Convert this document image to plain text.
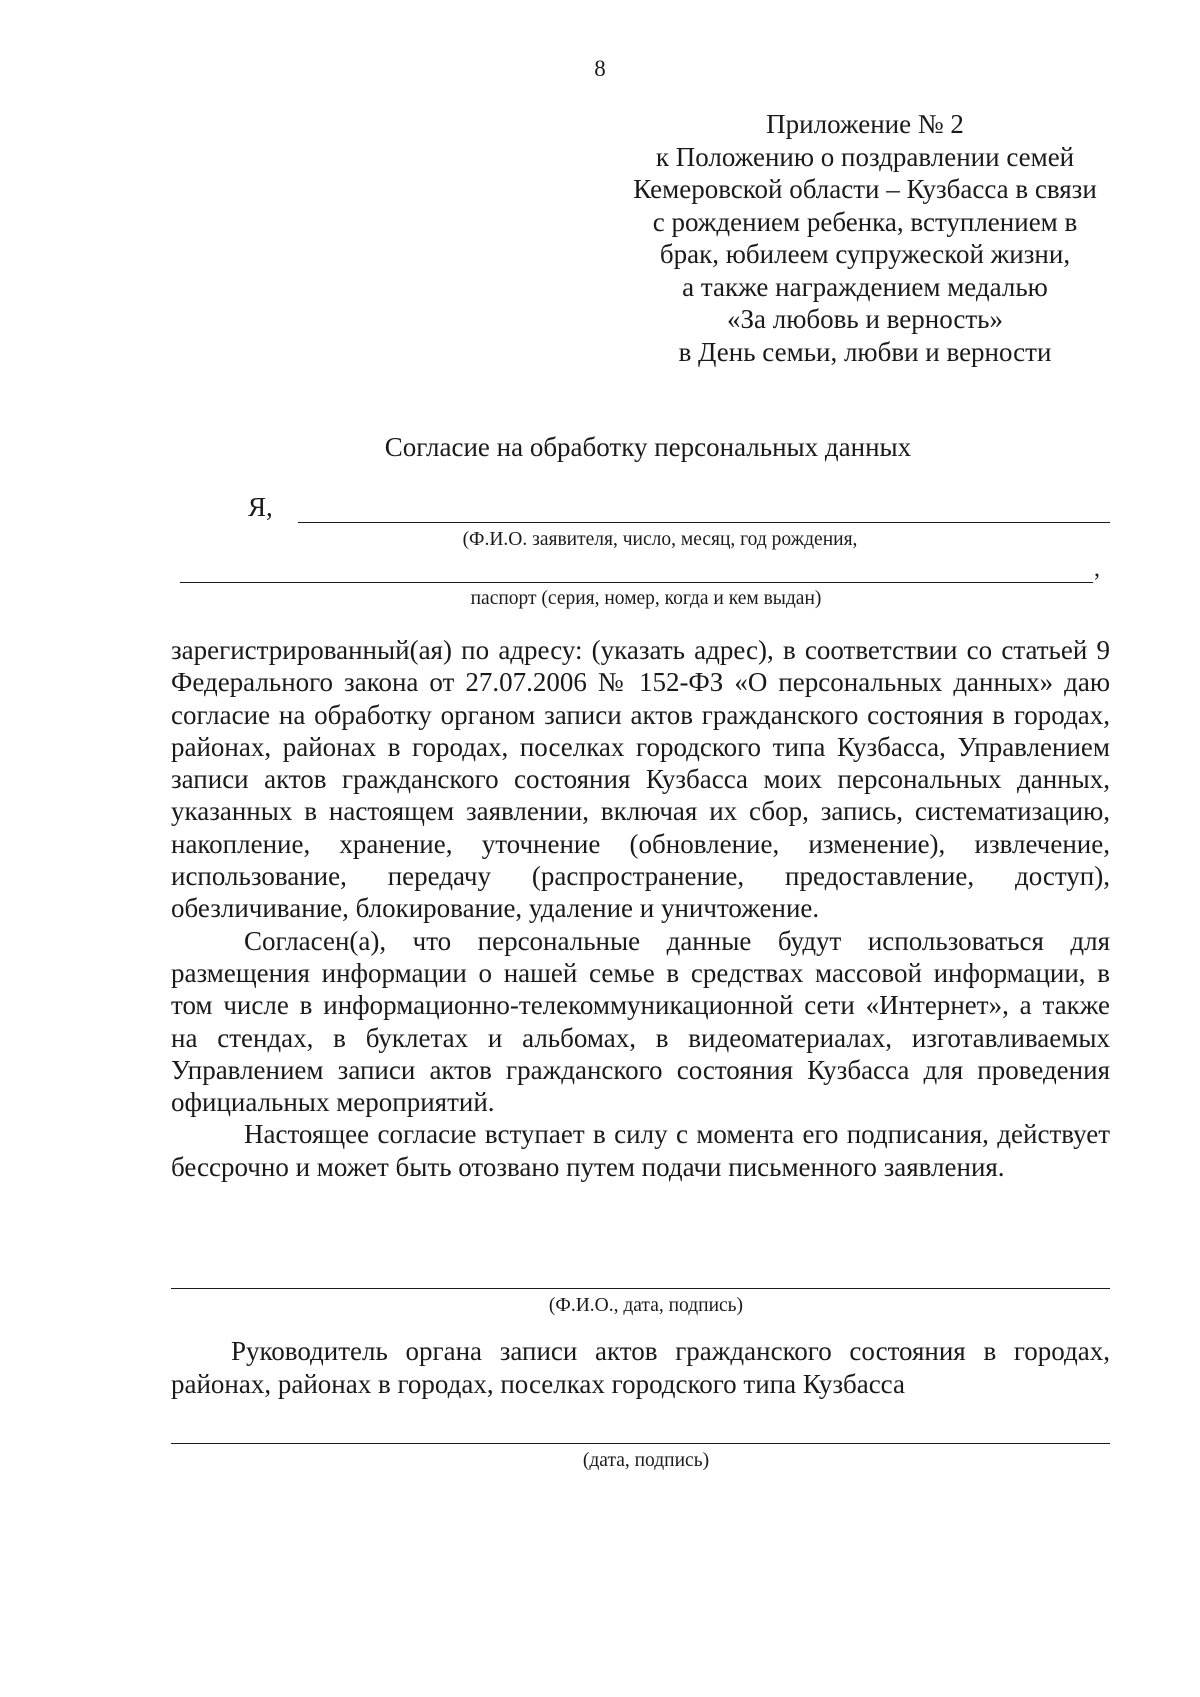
8
Приложение № 2
к Положению о поздравлении семей
Кемеровской области – Кузбасса в связи
с рождением ребенка, вступлением в
брак, юбилеем супружеской жизни,
а также награждением медалью
«За любовь и верность»
в День семьи, любви и верности
Согласие на обработку персональных данных
Я,
(Ф.И.О. заявителя, число, месяц, год рождения,
,
паспорт (серия, номер, когда и кем выдан)

зарегистрированный(ая) по адресу: (указать адрес), в соответствии со статьей 9 Федерального закона от 27.07.2006 № 152-ФЗ «О персональных данных» даю согласие на обработку органом записи актов гражданского состояния в городах, районах, районах в городах, поселках городского типа Кузбасса, Управлением записи актов гражданского состояния Кузбасса моих персональных данных, указанных в настоящем заявлении, включая их сбор, запись, систематизацию, накопление, хранение, уточнение (обновление, изменение), извлечение, использование, передачу (распространение, предоставление, доступ), обезличивание, блокирование, удаление и уничтожение.

Согласен(а), что персональные данные будут использоваться для размещения информации о нашей семье в средствах массовой информации, в том числе в информационно-телекоммуникационной сети «Интернет», а также на стендах, в буклетах и альбомах, в видеоматериалах, изготавливаемых Управлением записи актов гражданского состояния Кузбасса для проведения официальных мероприятий.

Настоящее согласие вступает в силу с момента его подписания, действует бессрочно и может быть отозвано путем подачи письменного заявления.

(Ф.И.О., дата, подпись)
Руководитель органа записи актов гражданского состояния в городах, районах, районах в городах, поселках городского типа Кузбасса
(дата, подпись)
